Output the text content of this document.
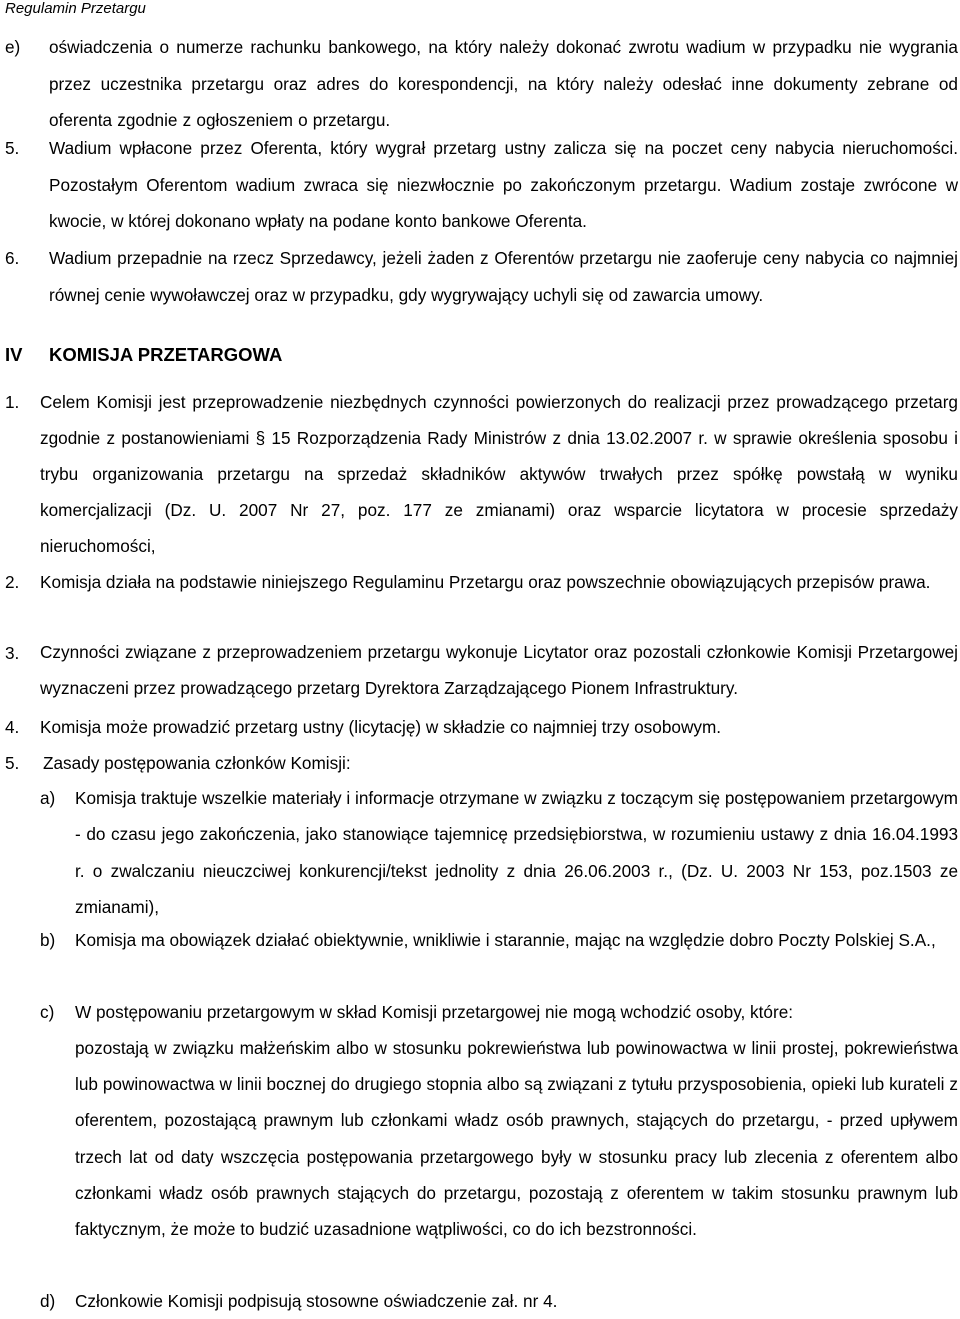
Regulamin Przetargu
e) oświadczenia o numerze rachunku bankowego, na który należy dokonać zwrotu wadium w przypadku nie wygrania przez uczestnika przetargu oraz adres do korespondencji, na który należy odesłać inne dokumenty zebrane od oferenta zgodnie z ogłoszeniem o przetargu.
5. Wadium wpłacone przez Oferenta, który wygrał przetarg ustny zalicza się na poczet ceny nabycia nieruchomości. Pozostałym Oferentom wadium zwraca się niezwłocznie po zakończonym przetargu. Wadium zostaje zwrócone w kwocie, w której dokonano wpłaty na podane konto bankowe Oferenta.
6. Wadium przepadnie na rzecz Sprzedawcy, jeżeli żaden z Oferentów przetargu nie zaoferuje ceny nabycia co najmniej równej cenie wywoławczej oraz w przypadku, gdy wygrywający uchyli się od zawarcia umowy.
IV KOMISJA PRZETARGOWA
1. Celem Komisji jest przeprowadzenie niezbędnych czynności powierzonych do realizacji przez prowadzącego przetarg zgodnie z postanowieniami § 15 Rozporządzenia Rady Ministrów z dnia 13.02.2007 r. w sprawie określenia sposobu i trybu organizowania przetargu na sprzedaż składników aktywów trwałych przez spółkę powstałą w wyniku komercjalizacji (Dz. U. 2007 Nr 27, poz. 177 ze zmianami) oraz wsparcie licytatora w procesie sprzedaży nieruchomości,
2. Komisja działa na podstawie niniejszego Regulaminu Przetargu oraz powszechnie obowiązujących przepisów prawa.
3. Czynności związane z przeprowadzeniem przetargu wykonuje Licytator oraz pozostali członkowie Komisji Przetargowej wyznaczeni przez prowadzącego przetarg Dyrektora Zarządzającego Pionem Infrastruktury.
4. Komisja może prowadzić przetarg ustny (licytację) w składzie co najmniej trzy osobowym.
5. Zasady postępowania członków Komisji:
a) Komisja traktuje wszelkie materiały i informacje otrzymane w związku z toczącym się postępowaniem przetargowym - do czasu jego zakończenia, jako stanowiące tajemnicę przedsiębiorstwa, w rozumieniu ustawy z dnia 16.04.1993 r. o zwalczaniu nieuczciwej konkurencji/tekst jednolity z dnia 26.06.2003 r., (Dz. U. 2003 Nr 153, poz.1503 ze zmianami),
b) Komisja ma obowiązek działać obiektywnie, wnikliwie i starannie, mając na względzie dobro Poczty Polskiej S.A.,
c) W postępowaniu przetargowym w skład Komisji przetargowej nie mogą wchodzić osoby, które:
pozostają w związku małżeńskim albo w stosunku pokrewieństwa lub powinowactwa w linii prostej, pokrewieństwa lub powinowactwa w linii bocznej do drugiego stopnia albo są związani z tytułu przysposobienia, opieki lub kurateli z oferentem, pozostającą prawnym lub członkami władz osób prawnych, stających do przetargu, - przed upływem trzech lat od daty wszczęcia postępowania przetargowego były w stosunku pracy lub zlecenia z oferentem albo członkami władz osób prawnych stających do przetargu, pozostają z oferentem w takim stosunku prawnym lub faktycznym, że może to budzić uzasadnione wątpliwości, co do ich bezstronności.
d) Członkowie Komisji podpisują stosowne oświadczenie zał. nr 4.
